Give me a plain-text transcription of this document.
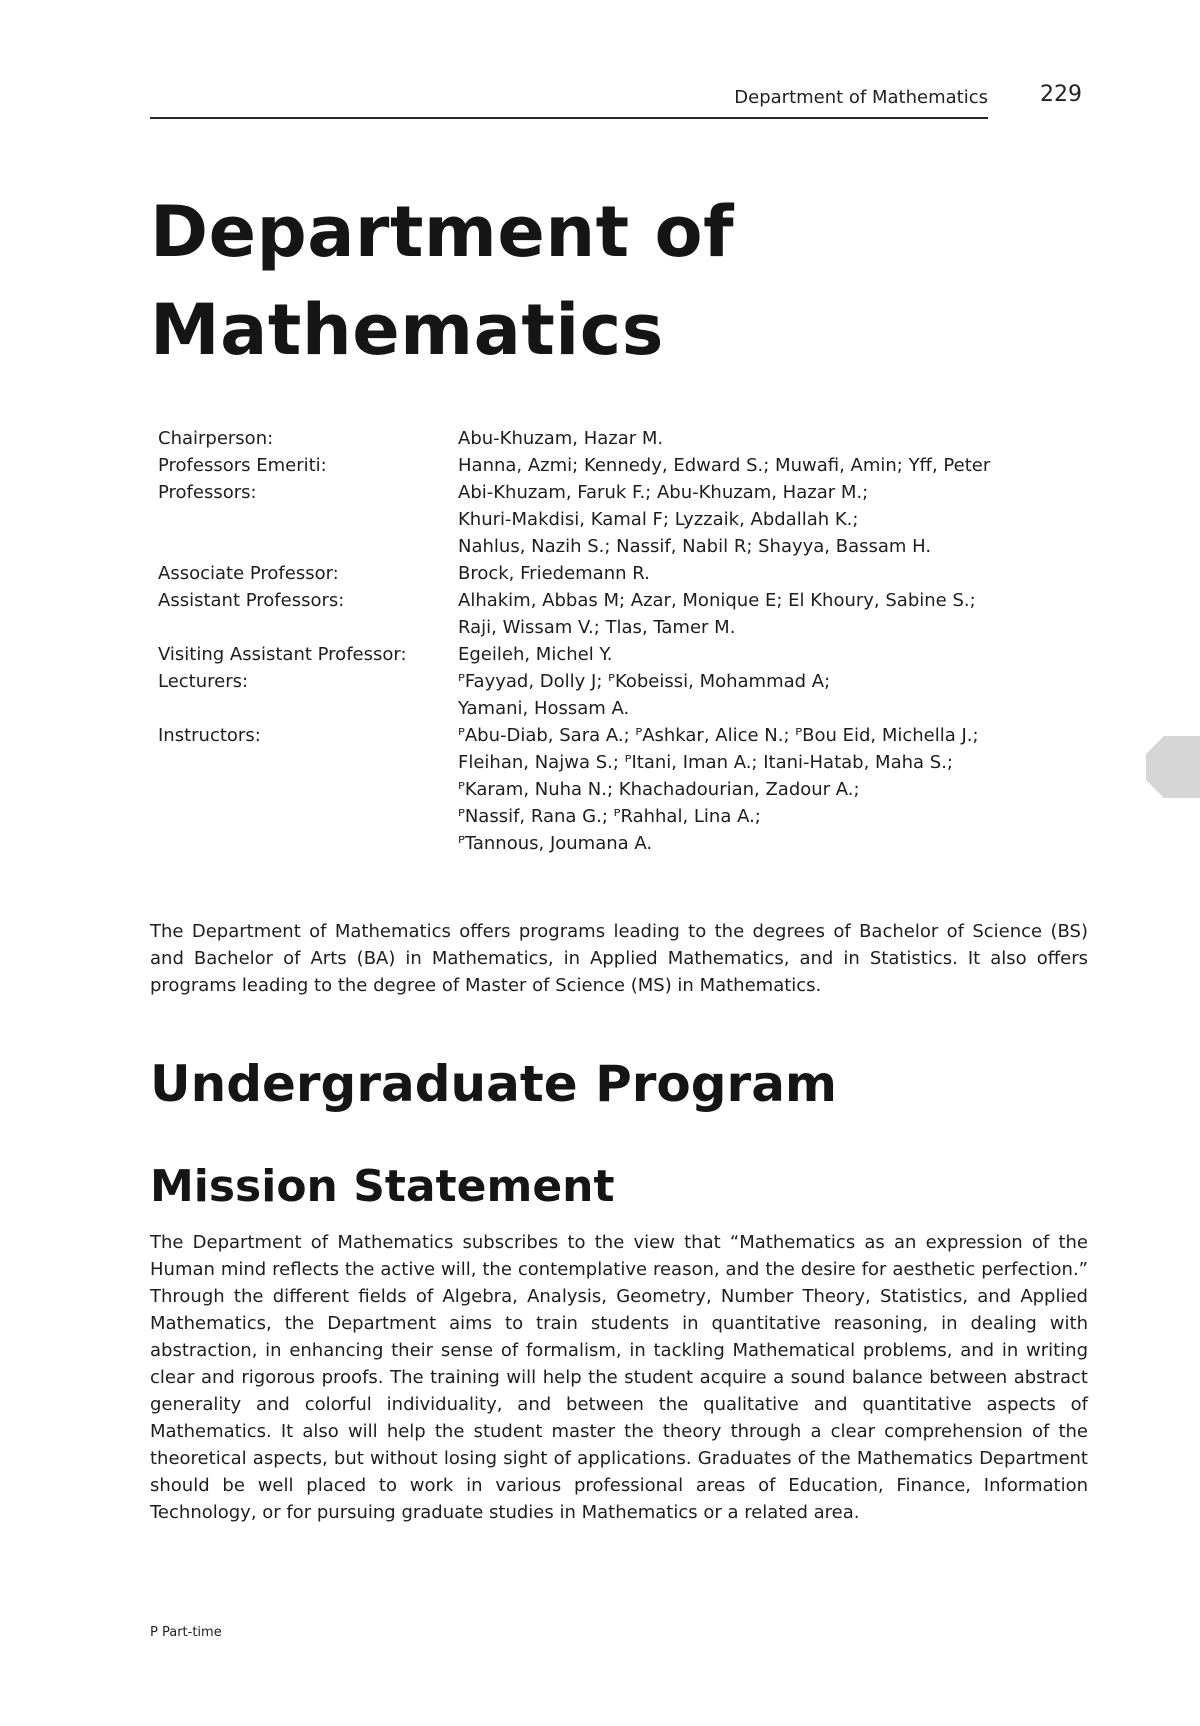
Department of Mathematics 229
Department of
Mathematics
Chairperson:	Abu-Khuzam, Hazar M.
Professors Emeriti:	Hanna, Azmi; Kennedy, Edward S.; Muwafi, Amin; Yff, Peter
Professors:	Abi-Khuzam, Faruk F.; Abu-Khuzam, Hazar M.;
Khuri-Makdisi, Kamal F; Lyzzaik, Abdallah K.;
Nahlus, Nazih S.; Nassif, Nabil R; Shayya, Bassam H.
Associate Professor:	Brock, Friedemann R.
Assistant Professors:	Alhakim, Abbas M; Azar, Monique E; El Khoury, Sabine S.;
Raji, Wissam V.; Tlas, Tamer M.
Visiting Assistant Professor:	Egeileh, Michel Y.
Lecturers:	ᴾFayyad, Dolly J; ᴾKobeissi, Mohammad A;
Yamani, Hossam A.
Instructors:	ᴾAbu-Diab, Sara A.; ᴾAshkar, Alice N.; ᴾBou Eid, Michella J.;
Fleihan, Najwa S.; ᴾItani, Iman A.; Itani-Hatab, Maha S.;
ᴾKaram, Nuha N.; Khachadourian, Zadour A.;
ᴾNassif, Rana G.; ᴾRahhal, Lina A.;
ᴾTannous, Joumana A.

The Department of Mathematics offers programs leading to the degrees of Bachelor of Science (BS) and Bachelor of Arts (BA) in Mathematics, in Applied Mathematics, and in Statistics. It also offers programs leading to the degree of Master of Science (MS) in Mathematics.

Undergraduate Program
Mission Statement

The Department of Mathematics subscribes to the view that “Mathematics as an expression of the Human mind reflects the active will, the contemplative reason, and the desire for aesthetic perfection.” Through the different fields of Algebra, Analysis, Geometry, Number Theory, Statistics, and Applied Mathematics, the Department aims to train students in quantitative reasoning, in dealing with abstraction, in enhancing their sense of formalism, in tackling Mathematical problems, and in writing clear and rigorous proofs. The training will help the student acquire a sound balance between abstract generality and colorful individuality, and between the qualitative and quantitative aspects of Mathematics. It also will help the student master the theory through a clear comprehension of the theoretical aspects, but without losing sight of applications. Graduates of the Mathematics Department should be well placed to work in various professional areas of Education, Finance, Information Technology, or for pursuing graduate studies in Mathematics or a related area.

P Part-time
